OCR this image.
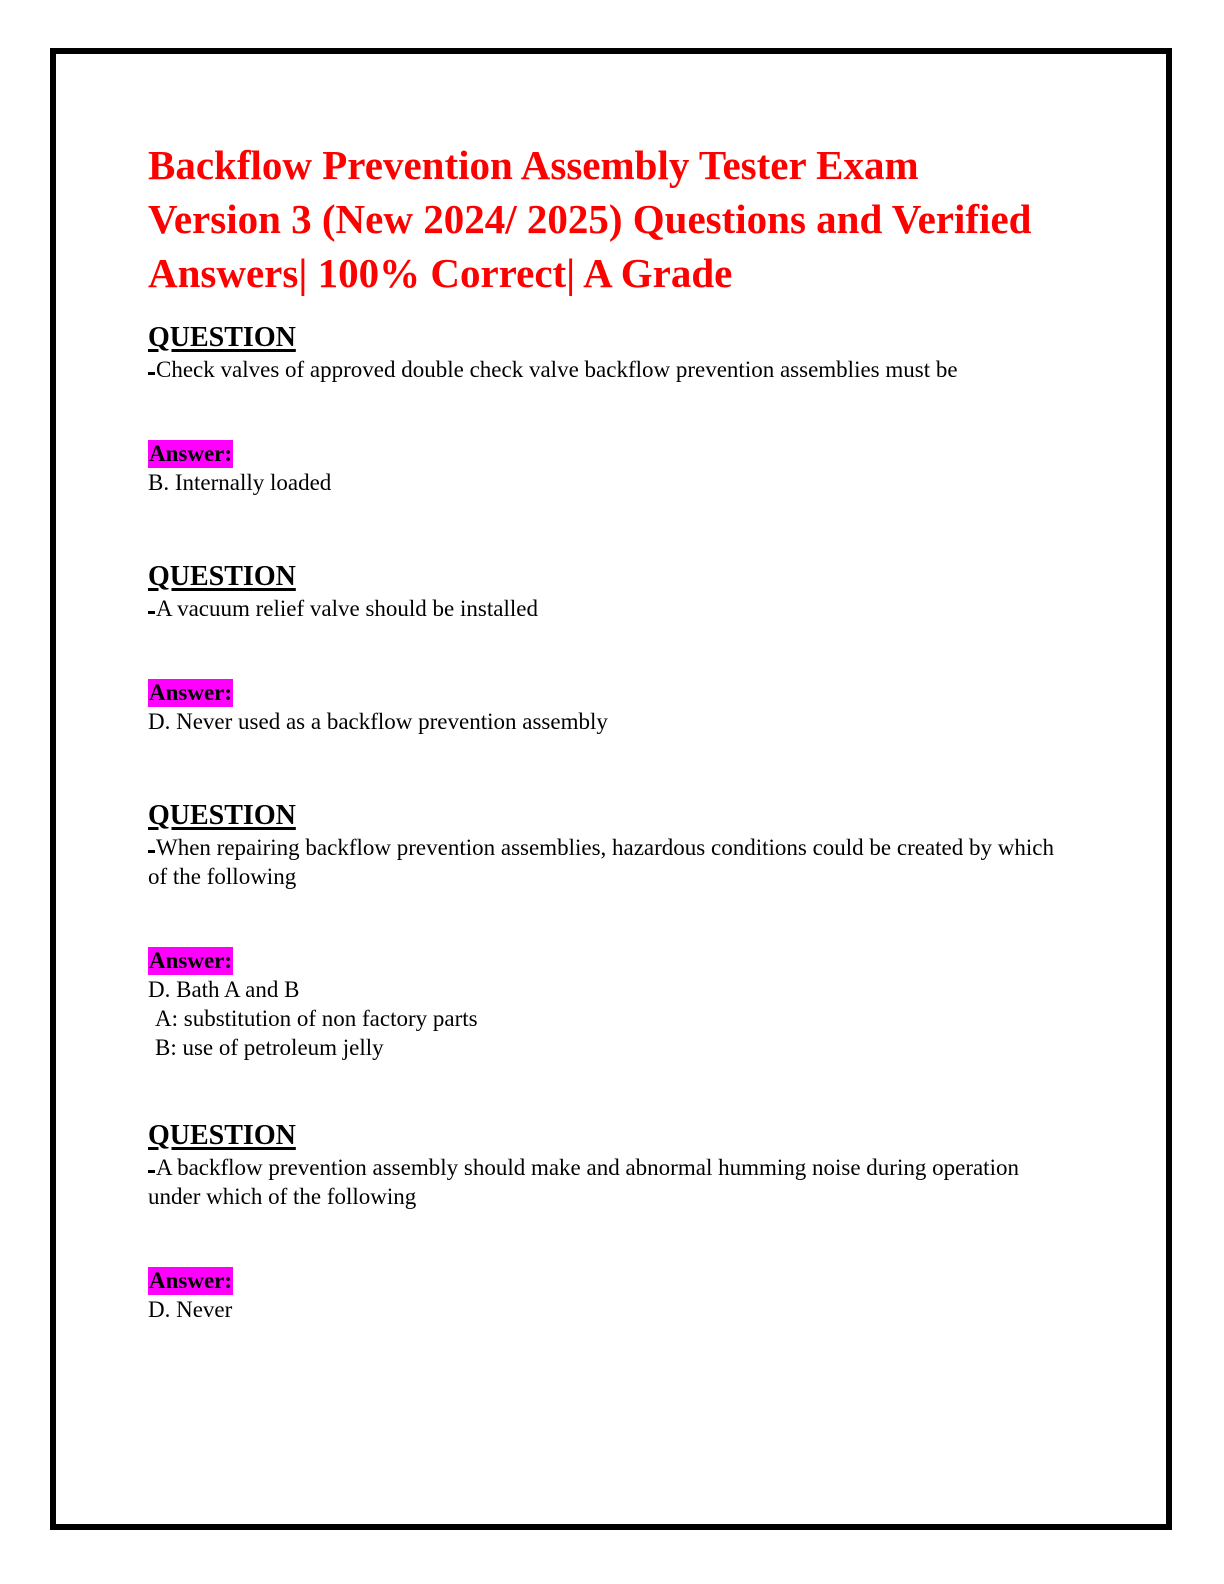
Backflow Prevention Assembly Tester Exam Version 3 (New 2024/ 2025) Questions and Verified Answers| 100% Correct| A Grade
QUESTION

Check valves of approved double check valve backflow prevention assemblies must be

Answer:

B. Internally loaded

QUESTION

A vacuum relief valve should be installed

Answer:

D. Never used as a backflow prevention assembly

QUESTION

When repairing backflow prevention assemblies, hazardous conditions could be created by which of the following

Answer:

D. Bath A and B

A: substitution of non factory parts

B: use of petroleum jelly

QUESTION

A backflow prevention assembly should make and abnormal humming noise during operation under which of the following

Answer:

D. Never
